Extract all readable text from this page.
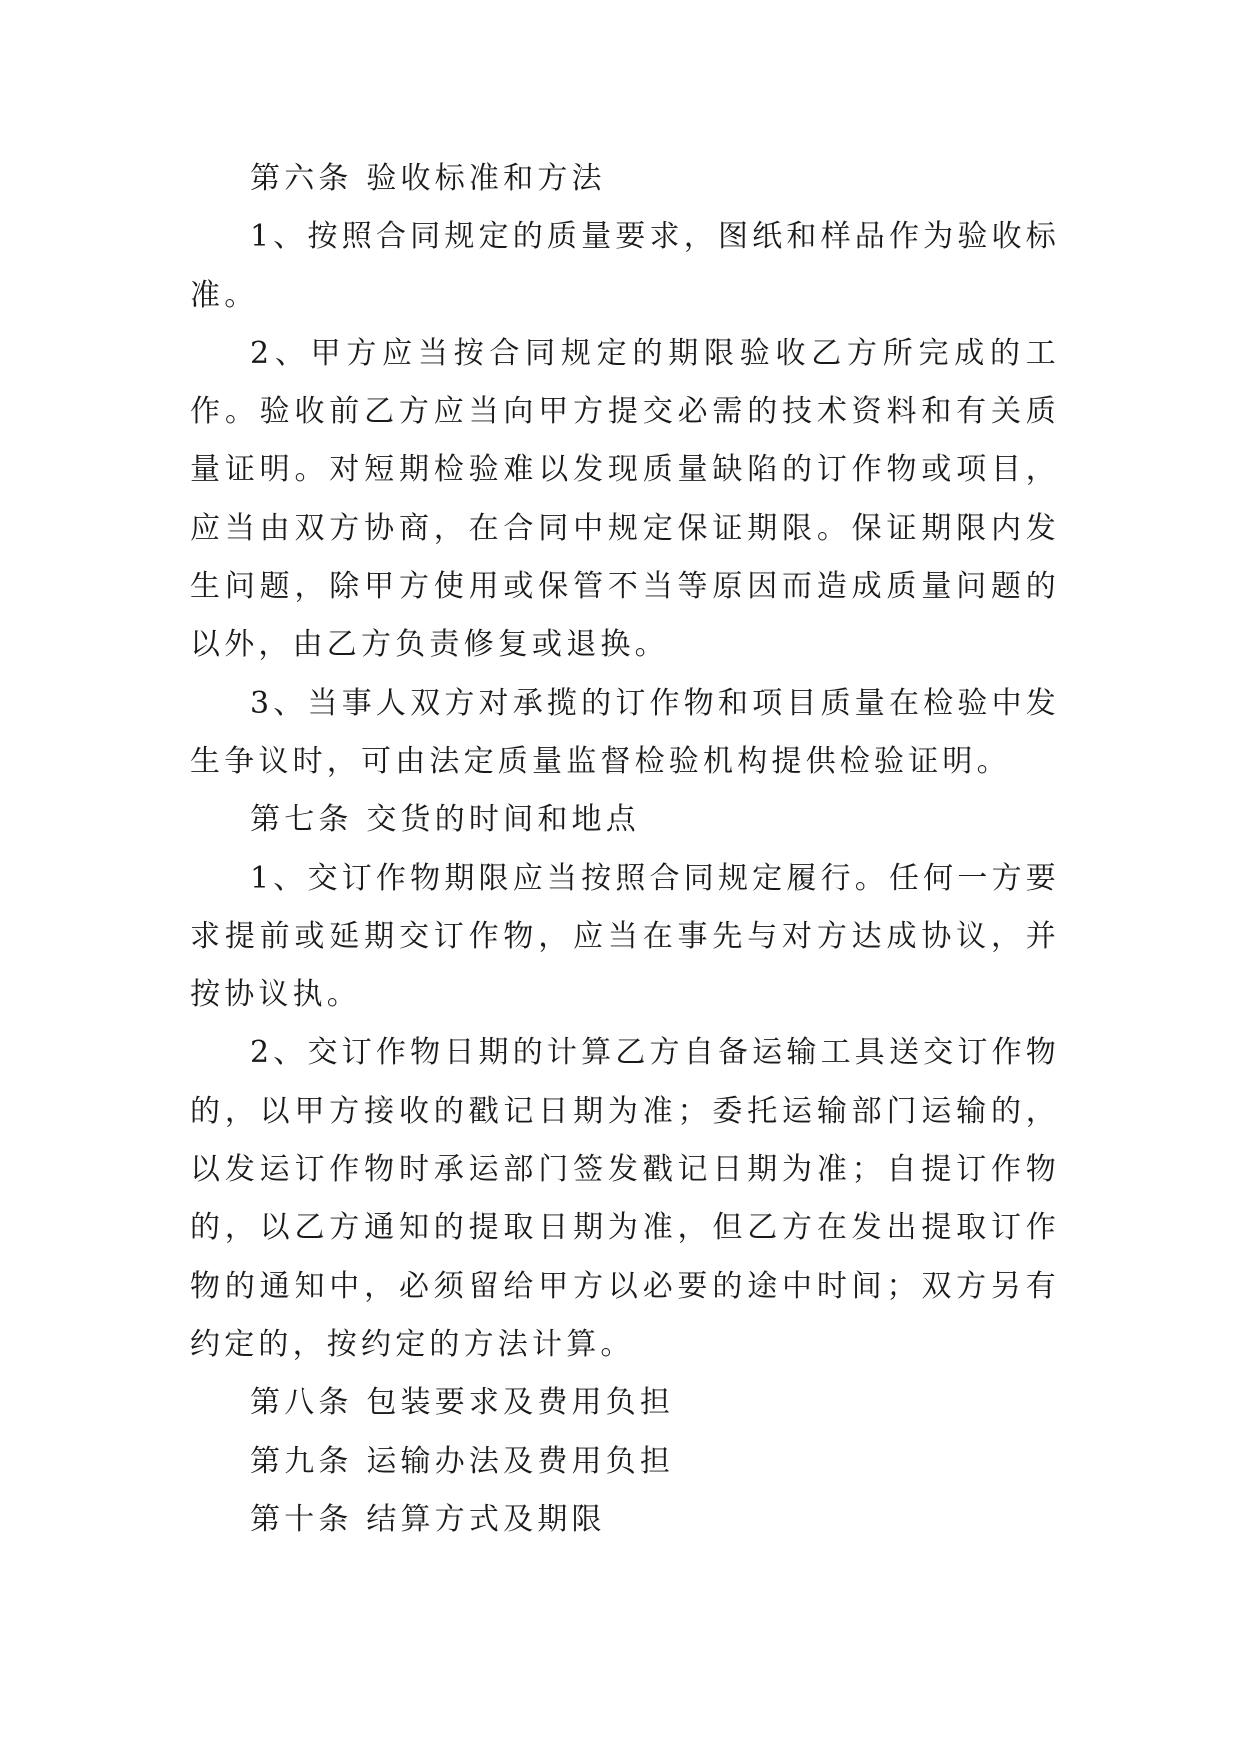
第六条 验收标准和方法

1、按照合同规定的质量要求，图纸和样品作为验收标准。

2、甲方应当按合同规定的期限验收乙方所完成的工作。验收前乙方应当向甲方提交必需的技术资料和有关质量证明。对短期检验难以发现质量缺陷的订作物或项目，应当由双方协商，在合同中规定保证期限。保证期限内发生问题，除甲方使用或保管不当等原因而造成质量问题的以外，由乙方负责修复或退换。

3、当事人双方对承揽的订作物和项目质量在检验中发生争议时，可由法定质量监督检验机构提供检验证明。

第七条 交货的时间和地点

1、交订作物期限应当按照合同规定履行。任何一方要求提前或延期交订作物，应当在事先与对方达成协议，并按协议执。

2、交订作物日期的计算乙方自备运输工具送交订作物的，以甲方接收的戳记日期为准；委托运输部门运输的，以发运订作物时承运部门签发戳记日期为准；自提订作物的，以乙方通知的提取日期为准，但乙方在发出提取订作物的通知中，必须留给甲方以必要的途中时间；双方另有约定的，按约定的方法计算。

第八条 包装要求及费用负担

第九条 运输办法及费用负担

第十条 结算方式及期限
